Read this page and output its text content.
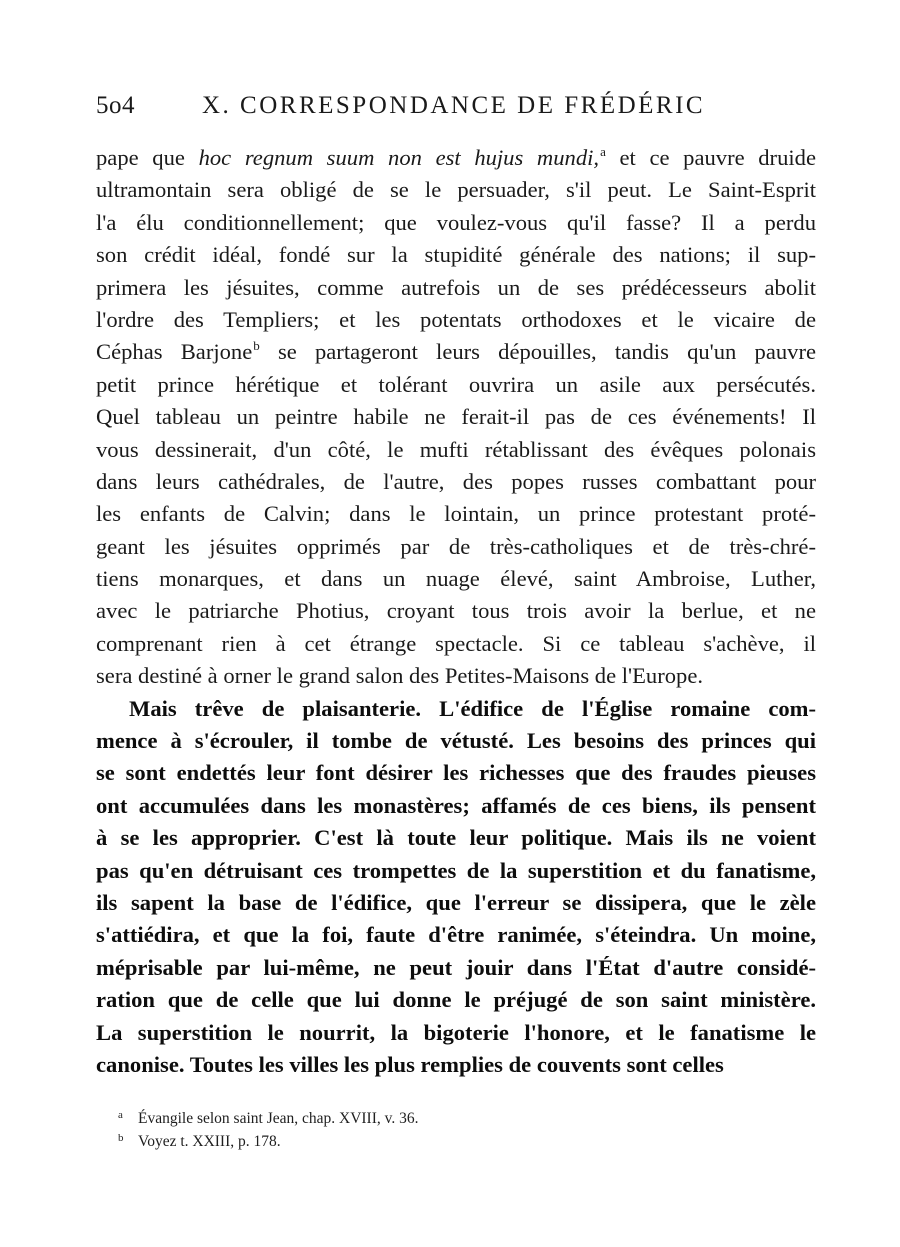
5o4	X. CORRESPONDANCE DE FRÉDÉRIC
pape que hoc regnum suum non est hujus mundi,$^a$ et ce pauvre druide
ultramontain sera obligé de se le persuader, s'il peut. Le Saint-Esprit
l'a élu conditionnellement; que voulez-vous qu'il fasse? Il a perdu
son crédit idéal, fondé sur la stupidité générale des nations; il sup-
primera les jésuites, comme autrefois un de ses prédécesseurs abolit
l'ordre des Templiers; et les potentats orthodoxes et le vicaire de
Céphas Barjone$^b$ se partageront leurs dépouilles, tandis qu'un pauvre
petit prince hérétique et tolérant ouvrira un asile aux persécutés.
Quel tableau un peintre habile ne ferait-il pas de ces événements! Il
vous dessinerait, d'un côté, le mufti rétablissant des évêques polonais
dans leurs cathédrales, de l'autre, des popes russes combattant pour
les enfants de Calvin; dans le lointain, un prince protestant proté-
geant les jésuites opprimés par de très-catholiques et de très-chré-
tiens monarques, et dans un nuage élevé, saint Ambroise, Luther,
avec le patriarche Photius, croyant tous trois avoir la berlue, et ne
comprenant rien à cet étrange spectacle. Si ce tableau s'achève, il
sera destiné à orner le grand salon des Petites-Maisons de l'Europe.
Mais trêve de plaisanterie. L'édifice de l'Église romaine com-
mence à s'écrouler, il tombe de vétusté. Les besoins des princes qui
se sont endettés leur font désirer les richesses que des fraudes pieuses
ont accumulées dans les monastères; affamés de ces biens, ils pensent
à se les approprier. C'est là toute leur politique. Mais ils ne voient
pas qu'en détruisant ces trompettes de la superstition et du fanatisme,
ils sapent la base de l'édifice, que l'erreur se dissipera, que le zèle
s'attiédira, et que la foi, faute d'être ranimée, s'éteindra. Un moine,
méprisable par lui-même, ne peut jouir dans l'État d'autre considé-
ration que de celle que lui donne le préjugé de son saint ministère.
La superstition le nourrit, la bigoterie l'honore, et le fanatisme le
canonise. Toutes les villes les plus remplies de couvents sont celles
a Évangile selon saint Jean, chap. XVIII, v. 36.
b Voyez t. XXIII, p. 178.
